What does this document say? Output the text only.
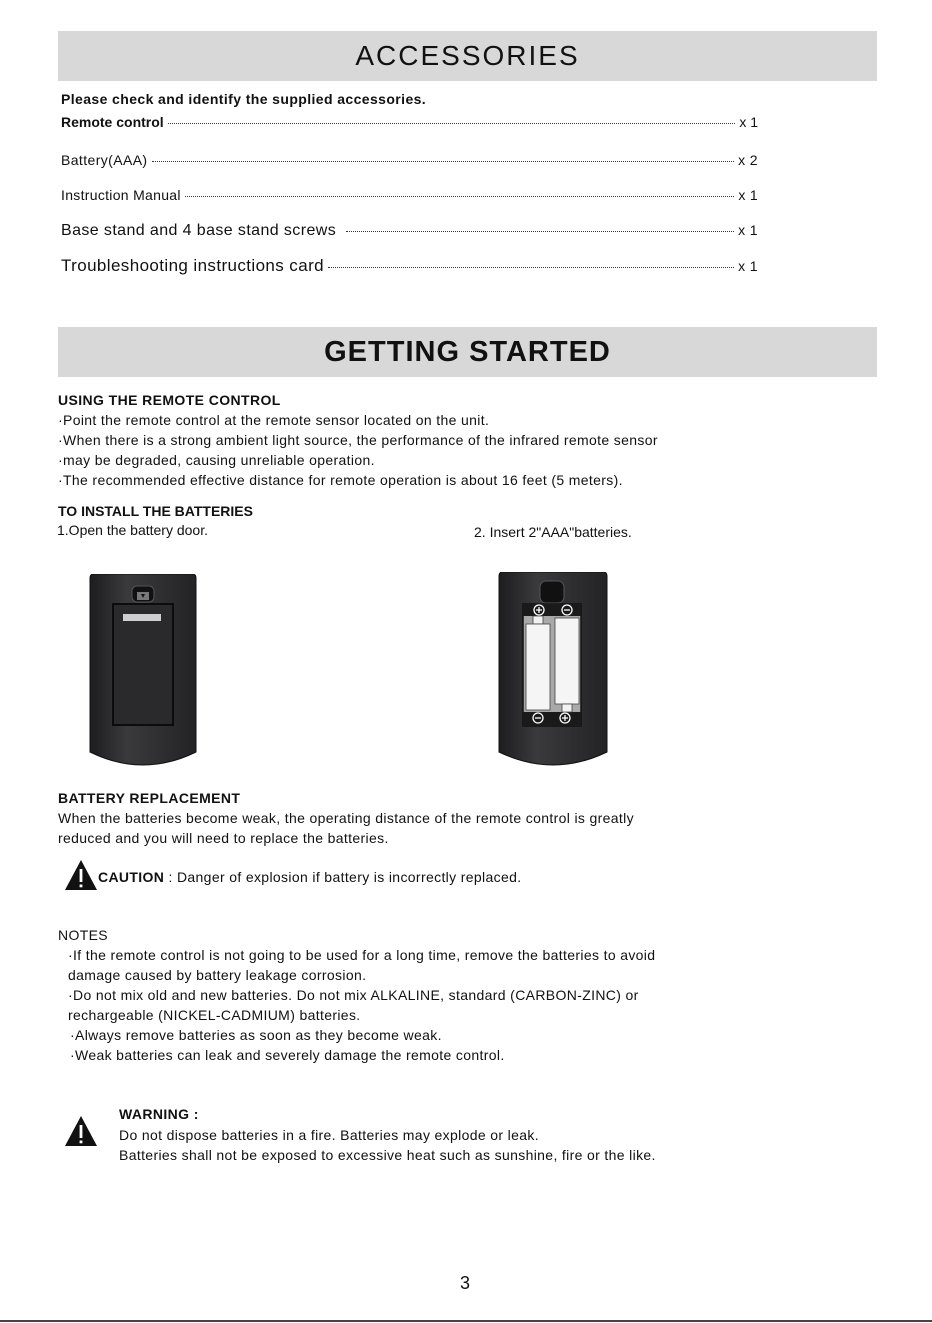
ACCESSORIES
Please check and identify the supplied accessories.
Remote control	x 1
Battery(AAA)	x 2
Instruction Manual	x 1
Base stand and 4 base stand screws	x 1
Troubleshooting instructions card	x 1
GETTING STARTED
USING THE REMOTE CONTROL
·Point the remote control at the remote sensor located on the unit.
·When there is a strong ambient light source, the performance of the infrared remote sensor
·may be degraded, causing unreliable operation.
·The recommended effective distance for remote operation is about 16 feet (5 meters).
TO INSTALL THE BATTERIES
1.Open the battery door.	2. Insert 2"AAA"batteries.
BATTERY REPLACEMENT
When the batteries become weak, the operating distance of the remote control is greatly
reduced and you will need to replace the batteries.
CAUTION : Danger of explosion if battery is incorrectly replaced.
NOTES
·If the remote control is not going to be used for a long time, remove the batteries to avoid
damage caused by battery leakage corrosion.
·Do not mix old and new batteries. Do not mix ALKALINE, standard (CARBON-ZINC) or
rechargeable (NICKEL-CADMIUM) batteries.
·Always remove batteries as soon as they become weak.
·Weak batteries can leak and severely damage the remote control.
WARNING :
Do not dispose batteries in a fire. Batteries may explode or leak.
Batteries shall not be exposed to excessive heat such as sunshine, fire or the like.
3
